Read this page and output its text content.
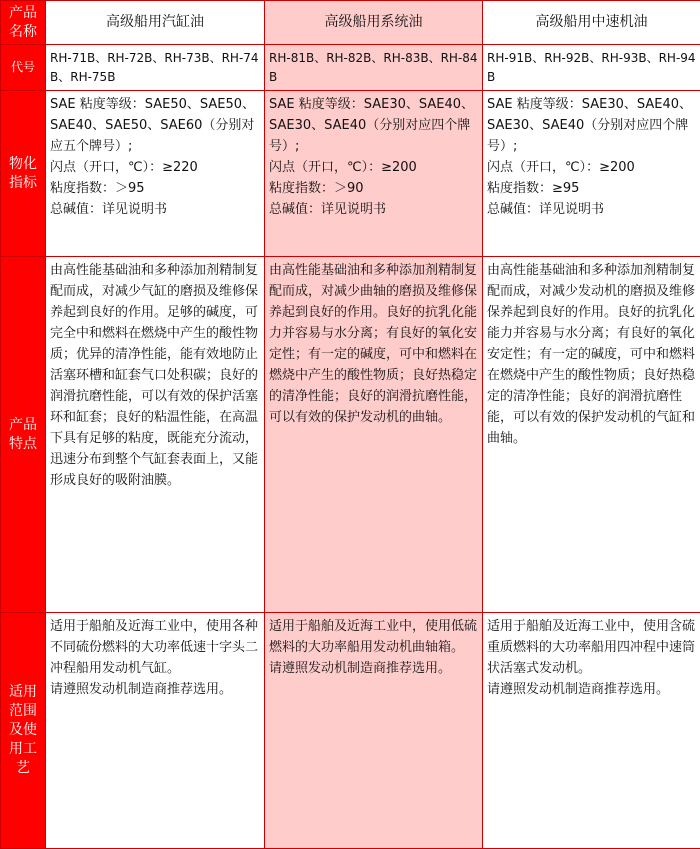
产品
名称	高级船用汽缸油	高级船用系统油	高级船用中速机油
代号	RH-71B、RH-72B、RH-73B、RH-74B、RH-75B	RH-81B、RH-82B、RH-83B、RH-84B	RH-91B、RH-92B、RH-93B、RH-94B
物化
指标	SAE 粘度等级：SAE50、SAE50、SAE40、SAE50、SAE60（分别对应五个牌号）;
闪点（开口，℃）：≥220
粘度指数：＞95
总碱值：详见说明书	SAE 粘度等级：SAE30、SAE40、SAE30、SAE40（分别对应四个牌号）;
闪点（开口，℃）：≥200
粘度指数：＞90
总碱值：详见说明书	SAE 粘度等级：SAE30、SAE40、SAE30、SAE40（分别对应四个牌号）;
闪点（开口，℃）：≥200
粘度指数：≥95
总碱值：详见说明书

产品
特点	由高性能基础油和多种添加剂精制复配而成，对减少气缸的磨损及维修保养起到良好的作用。足够的碱度，可完全中和燃料在燃烧中产生的酸性物质；优异的清净性能，能有效地防止活塞环槽和缸套气口处积碳；良好的润滑抗磨性能，可以有效的保护活塞环和缸套；良好的粘温性能，在高温下具有足够的粘度，既能充分流动，迅速分布到整个气缸套表面上，又能形成良好的吸附油膜。	由高性能基础油和多种添加剂精制复配而成，对减少曲轴的磨损及维修保养起到良好的作用。良好的抗乳化能力并容易与水分离；有良好的氧化安定性；有一定的碱度，可中和燃料在燃烧中产生的酸性物质；良好热稳定的清净性能；良好的润滑抗磨性能，可以有效的保护发动机的曲轴。	由高性能基础油和多种添加剂精制复配而成，对减少发动机的磨损及维修保养起到良好的作用。良好的抗乳化能力并容易与水分离；有良好的氧化安定性；有一定的碱度，可中和燃料在燃烧中产生的酸性物质；良好热稳定的清净性能；良好的润滑抗磨性能，可以有效的保护发动机的气缸和曲轴。
适用
范围
及使
用工
艺	适用于船舶及近海工业中，使用各种不同硫份燃料的大功率低速十字头二冲程船用发动机气缸。
请遵照发动机制造商推荐选用。	适用于船舶及近海工业中，使用低硫燃料的大功率船用发动机曲轴箱。
请遵照发动机制造商推荐选用。	适用于船舶及近海工业中，使用含硫重质燃料的大功率船用四冲程中速筒状活塞式发动机。
请遵照发动机制造商推荐选用。
